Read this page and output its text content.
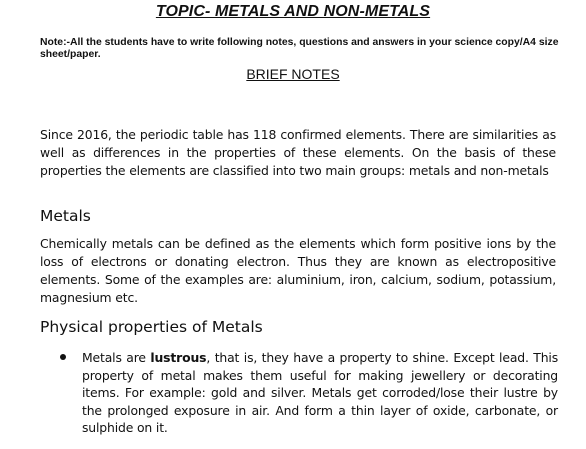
TOPIC- METALS AND NON-METALS
Note:-All the students have to write following notes, questions and answers in your science copy/A4 size sheet/paper.
BRIEF NOTES
Since 2016, the periodic table has 118 confirmed elements. There are similarities as well as differences in the properties of these elements. On the basis of these properties the elements are classified into two main groups: metals and non-metals
Metals
Chemically metals can be defined as the elements which form positive ions by the loss of electrons or donating electron. Thus they are known as electropositive elements. Some of the examples are: aluminium, iron, calcium, sodium, potassium, magnesium etc.
Physical properties of Metals
Metals are lustrous, that is, they have a property to shine. Except lead. This property of metal makes them useful for making jewellery or decorating items. For example: gold and silver. Metals get corroded/lose their lustre by the prolonged exposure in air. And form a thin layer of oxide, carbonate, or sulphide on it.
